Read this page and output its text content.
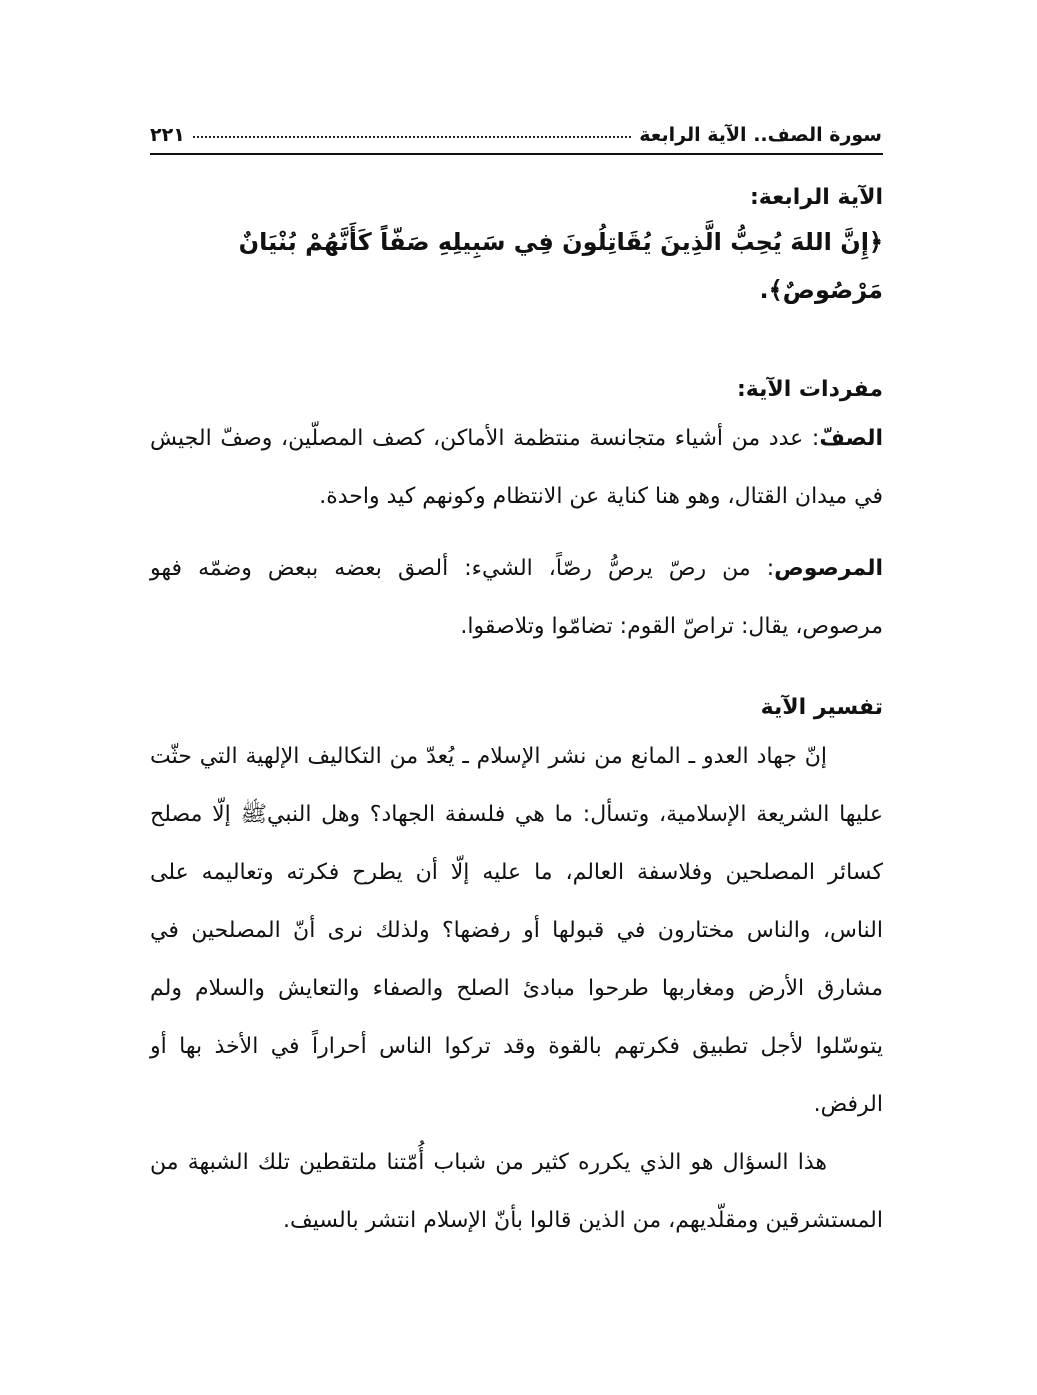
سورة الصف.. الآية الرابعة
٢٢١

الآية الرابعة:

﴿إِنَّ اللهَ يُحِبُّ الَّذِينَ يُقَاتِلُونَ فِي سَبِيلِهِ صَفّاً كَأَنَّهُمْ بُنْيَانٌ مَرْصُوصٌ﴾.

مفردات الآية:

الصفّ: عدد من أشياء متجانسة منتظمة الأماكن، كصف المصلّين، وصفّ الجيش في ميدان القتال، وهو هنا كناية عن الانتظام وكونهم كيد واحدة.

المرصوص: من رصّ يرصُّ رصّاً، الشيء: ألصق بعضه ببعض وضمّه فهو مرصوص، يقال: تراصّ القوم: تضامّوا وتلاصقوا.

تفسير الآية

إنّ جهاد العدو ـ المانع من نشر الإسلام ـ يُعدّ من التكاليف الإلهية التي حثّت عليها الشريعة الإسلامية، وتسأل: ما هي فلسفة الجهاد؟ وهل النبيﷺ إلّا مصلح كسائر المصلحين وفلاسفة العالم، ما عليه إلّا أن يطرح فكرته وتعاليمه على الناس، والناس مختارون في قبولها أو رفضها؟ ولذلك نرى أنّ المصلحين في مشارق الأرض ومغاربها طرحوا مبادئ الصلح والصفاء والتعايش والسلام ولم يتوسّلوا لأجل تطبيق فكرتهم بالقوة وقد تركوا الناس أحراراً في الأخذ بها أو الرفض.

هذا السؤال هو الذي يكرره كثير من شباب أُمّتنا ملتقطين تلك الشبهة من المستشرقين ومقلّديهم، من الذين قالوا بأنّ الإسلام انتشر بالسيف.
